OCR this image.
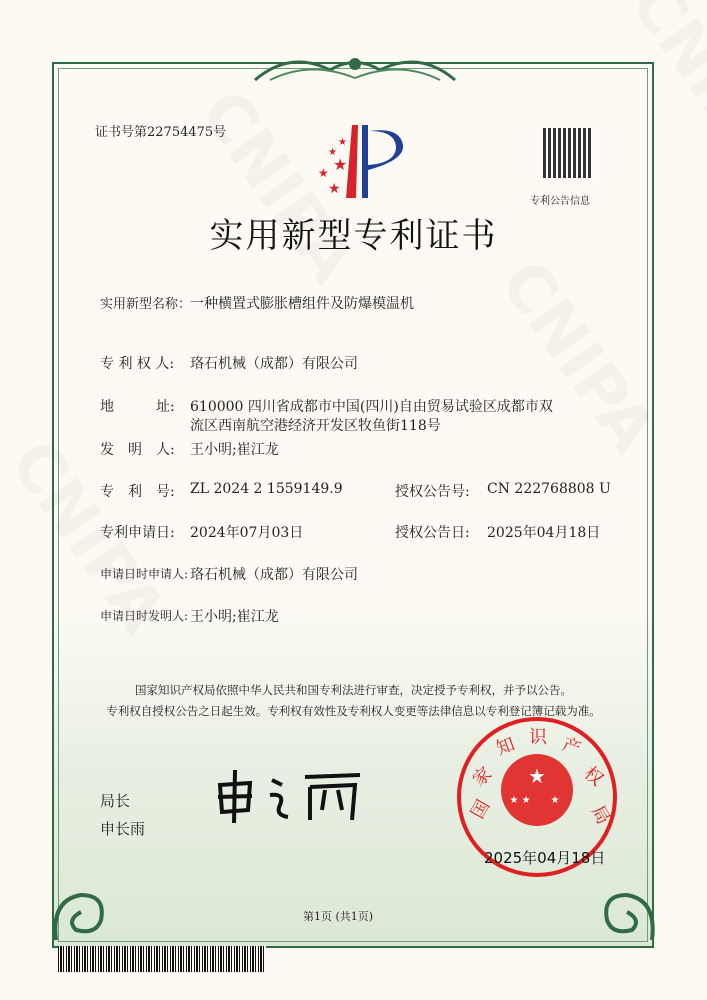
证书号第22754475号
★
★
★
★
★
专利公告信息
实用新型专利证书
实用新型名称：
一种横置式膨胀槽组件及防爆模温机
专 利 权 人: 珞石机械（成都）有限公司
地　　　址: 610000 四川省成都市中国(四川)自由贸易试验区成都市双
流区西南航空港经济开发区牧鱼街118号
发　明　人: 王小明;崔江龙
专　利　号: ZL 2024 2 1559149.9	授权公告号: CN 222768808 U
专利申请日: 2024年07月03日	授权公告日: 2025年04月18日
申请日时申请人: 珞石机械（成都）有限公司
申请日时发明人: 王小明;崔江龙
国家知识产权局依照中华人民共和国专利法进行审查，决定授予专利权，并予以公告。
专利权自授权公告之日起生效。专利权有效性及专利权人变更等法律信息以专利登记簿记载为准。
局长
申长雨
★
★ ★ ★
国
家
知 识 产
权
局
2025年04月18日
第1页 (共1页)
